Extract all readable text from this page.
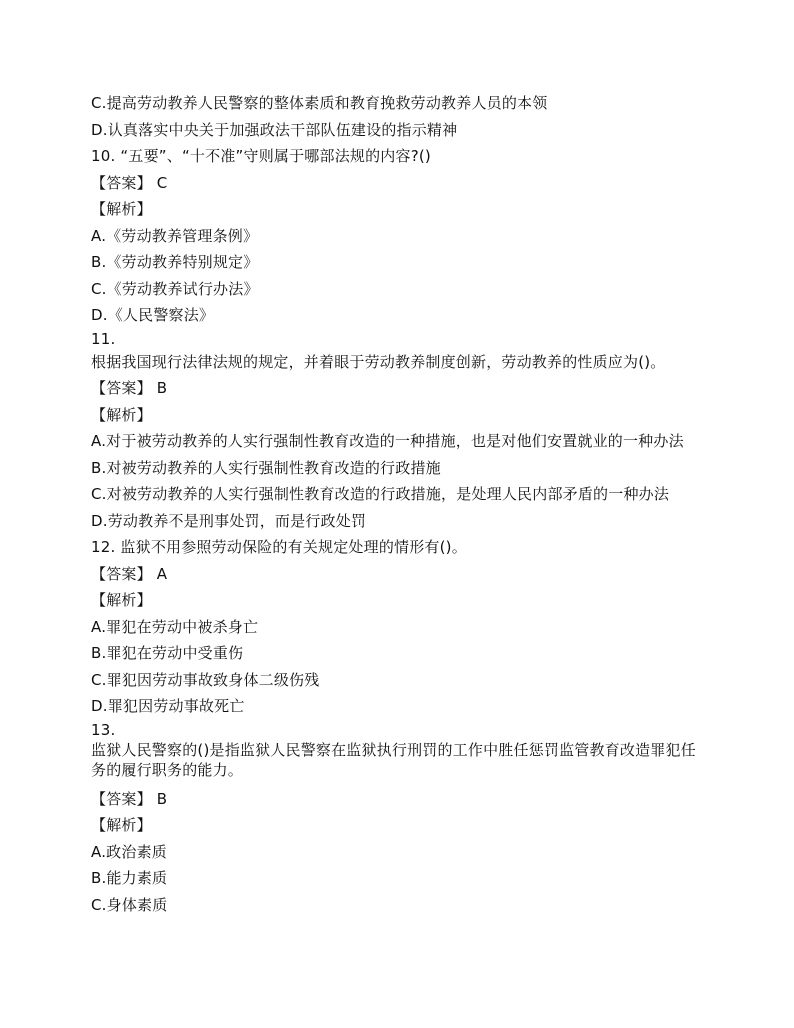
C.提高劳动教养人民警察的整体素质和教育挽救劳动教养人员的本领
D.认真落实中央关于加强政法干部队伍建设的指示精神
10. “五要”、“十不准”守则属于哪部法规的内容?()
【答案】 C
【解析】
A.《劳动教养管理条例》
B.《劳动教养特别规定》
C.《劳动教养试行办法》
D.《人民警察法》
11.
根据我国现行法律法规的规定，并着眼于劳动教养制度创新，劳动教养的性质应为()。
【答案】 B
【解析】
A.对于被劳动教养的人实行强制性教育改造的一种措施，也是对他们安置就业的一种办法
B.对被劳动教养的人实行强制性教育改造的行政措施
C.对被劳动教养的人实行强制性教育改造的行政措施，是处理人民内部矛盾的一种办法
D.劳动教养不是刑事处罚，而是行政处罚
12. 监狱不用参照劳动保险的有关规定处理的情形有()。
【答案】 A
【解析】
A.罪犯在劳动中被杀身亡
B.罪犯在劳动中受重伤
C.罪犯因劳动事故致身体二级伤残
D.罪犯因劳动事故死亡
13.
监狱人民警察的()是指监狱人民警察在监狱执行刑罚的工作中胜任惩罚监管教育改造罪犯任务的履行职务的能力。
【答案】 B
【解析】
A.政治素质
B.能力素质
C.身体素质
